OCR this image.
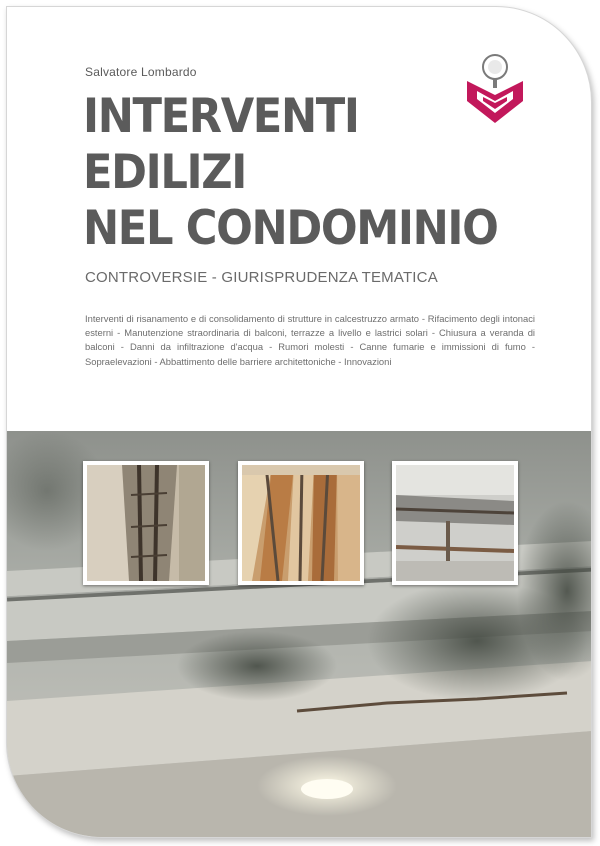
Salvatore Lombardo
INTERVENTI
EDILIZI
NEL CONDOMINIO
CONTROVERSIE - GIURISPRUDENZA TEMATICA
Interventi di risanamento e di consolidamento di strutture in calcestruzzo armato - Rifacimento degli intonaci esterni - Manutenzione straordinaria di balconi, terrazze a livello e lastrici solari - Chiusura a veranda di balconi - Danni da infiltrazione d'acqua - Rumori molesti - Canne fumarie e immissioni di fumo - Sopraelevazioni - Abbattimento delle barriere architettoniche - Innovazioni
